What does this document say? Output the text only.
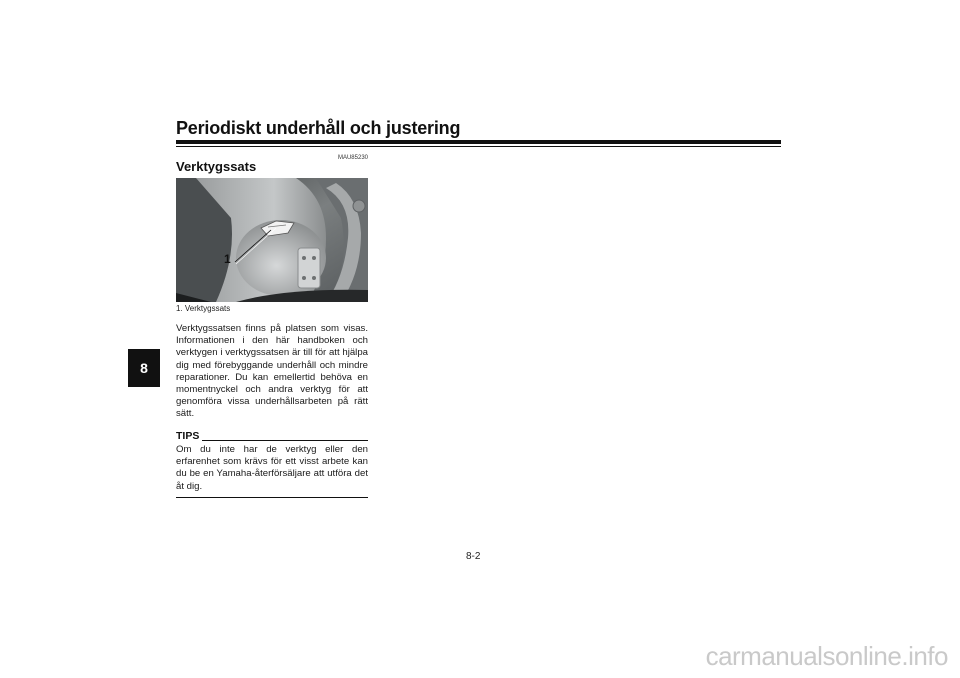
Periodiskt underhåll och justering
8
MAU85230
Verktygssats
1
1. Verktygssats

Verktygssatsen finns på platsen som visas. Informationen i den här handboken och verktygen i verktygssatsen är till för att hjälpa dig med förebyggande underhåll och mindre reparationer. Du kan emellertid behöva en momentnyckel och andra verktyg för att genomföra vissa underhållsarbeten på rätt sätt.

TIPS

Om du inte har de verktyg eller den erfarenhet som krävs för ett visst arbete kan du be en Yamaha-återförsäljare att utföra det åt dig.

8-2
carmanualsonline.info
